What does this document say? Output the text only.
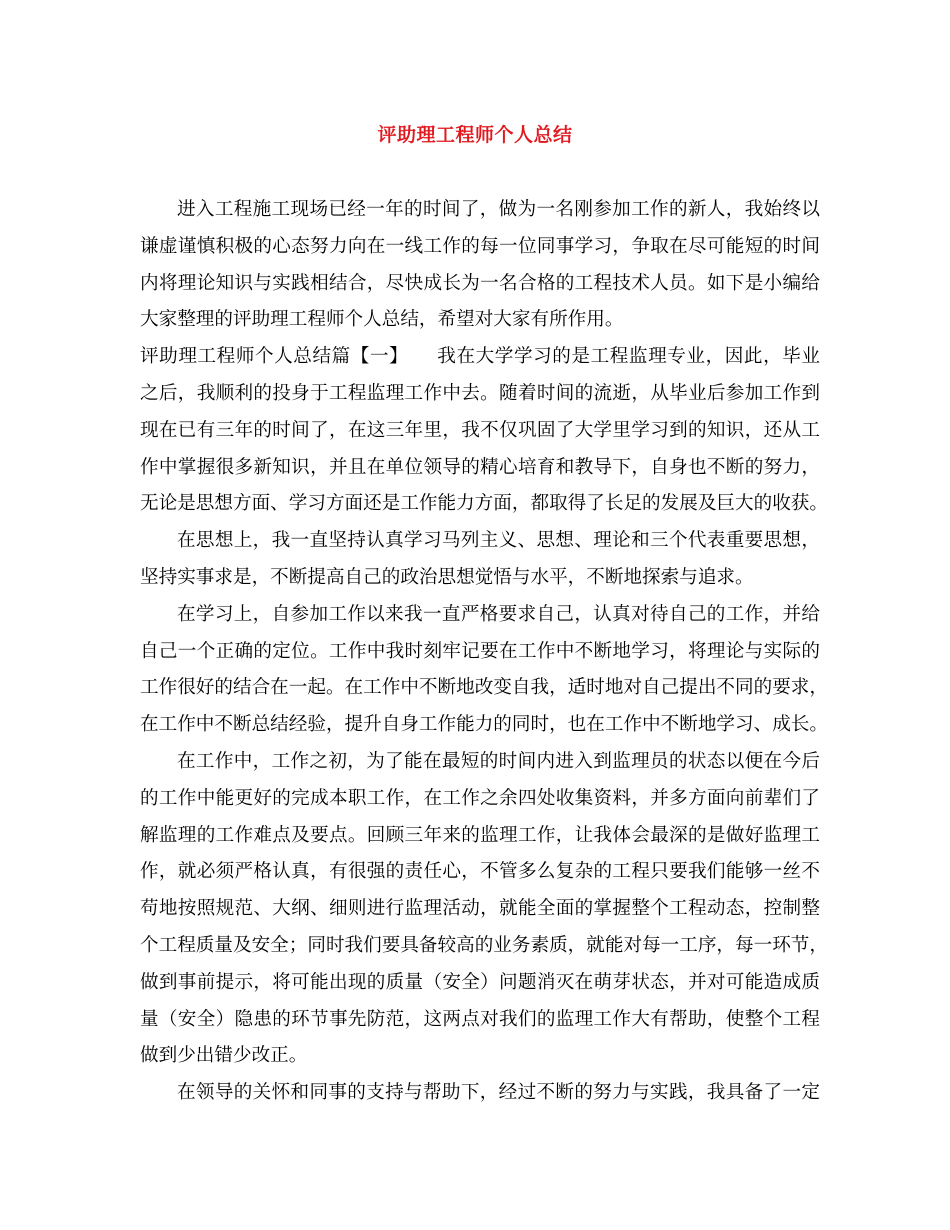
评助理工程师个人总结
进入工程施工现场已经一年的时间了，做为一名刚参加工作的新人，我始终以
谦虚谨慎积极的心态努力向在一线工作的每一位同事学习，争取在尽可能短的时间
内将理论知识与实践相结合，尽快成长为一名合格的工程技术人员。如下是小编给
大家整理的评助理工程师个人总结，希望对大家有所作用。
评助理工程师个人总结篇【一】　　我在大学学习的是工程监理专业，因此，毕业
之后，我顺利的投身于工程监理工作中去。随着时间的流逝，从毕业后参加工作到
现在已有三年的时间了，在这三年里，我不仅巩固了大学里学习到的知识，还从工
作中掌握很多新知识，并且在单位领导的精心培育和教导下，自身也不断的努力，
无论是思想方面、学习方面还是工作能力方面，都取得了长足的发展及巨大的收获。
在思想上，我一直坚持认真学习马列主义、思想、理论和三个代表重要思想，
坚持实事求是，不断提高自己的政治思想觉悟与水平，不断地探索与追求。
在学习上，自参加工作以来我一直严格要求自己，认真对待自己的工作，并给
自己一个正确的定位。工作中我时刻牢记要在工作中不断地学习，将理论与实际的
工作很好的结合在一起。在工作中不断地改变自我，适时地对自己提出不同的要求，
在工作中不断总结经验，提升自身工作能力的同时，也在工作中不断地学习、成长。
在工作中，工作之初，为了能在最短的时间内进入到监理员的状态以便在今后
的工作中能更好的完成本职工作，在工作之余四处收集资料，并多方面向前辈们了
解监理的工作难点及要点。回顾三年来的监理工作，让我体会最深的是做好监理工
作，就必须严格认真，有很强的责任心，不管多么复杂的工程只要我们能够一丝不
苟地按照规范、大纲、细则进行监理活动，就能全面的掌握整个工程动态，控制整
个工程质量及安全；同时我们要具备较高的业务素质，就能对每一工序，每一环节，
做到事前提示，将可能出现的质量（安全）问题消灭在萌芽状态，并对可能造成质
量（安全）隐患的环节事先防范，这两点对我们的监理工作大有帮助，使整个工程
做到少出错少改正。
在领导的关怀和同事的支持与帮助下，经过不断的努力与实践，我具备了一定
